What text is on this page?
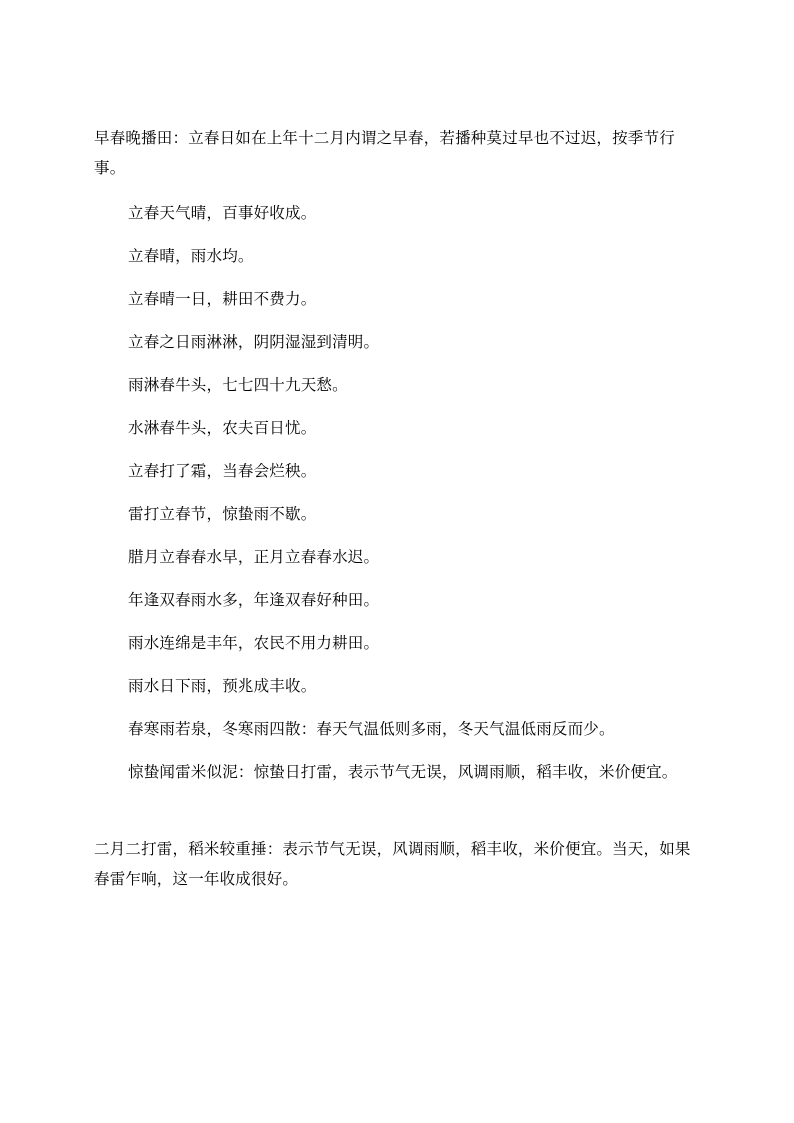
早春晚播田：立春日如在上年十二月内谓之早春，若播种莫过早也不过迟，按季节行事。

立春天气晴，百事好收成。
立春晴，雨水均。
立春晴一日，耕田不费力。
立春之日雨淋淋，阴阴湿湿到清明。
雨淋春牛头，七七四十九天愁。
水淋春牛头，农夫百日忧。
立春打了霜，当春会烂秧。
雷打立春节，惊蛰雨不歇。
腊月立春春水早，正月立春春水迟。
年逢双春雨水多，年逢双春好种田。
雨水连绵是丰年，农民不用力耕田。
雨水日下雨，预兆成丰收。
春寒雨若泉，冬寒雨四散：春天气温低则多雨，冬天气温低雨反而少。
惊蛰闻雷米似泥：惊蛰日打雷，表示节气无误，风调雨顺，稻丰收，米价便宜。

二月二打雷，稻米较重捶：表示节气无误，风调雨顺，稻丰收，米价便宜。当天，如果春雷乍响，这一年收成很好。
